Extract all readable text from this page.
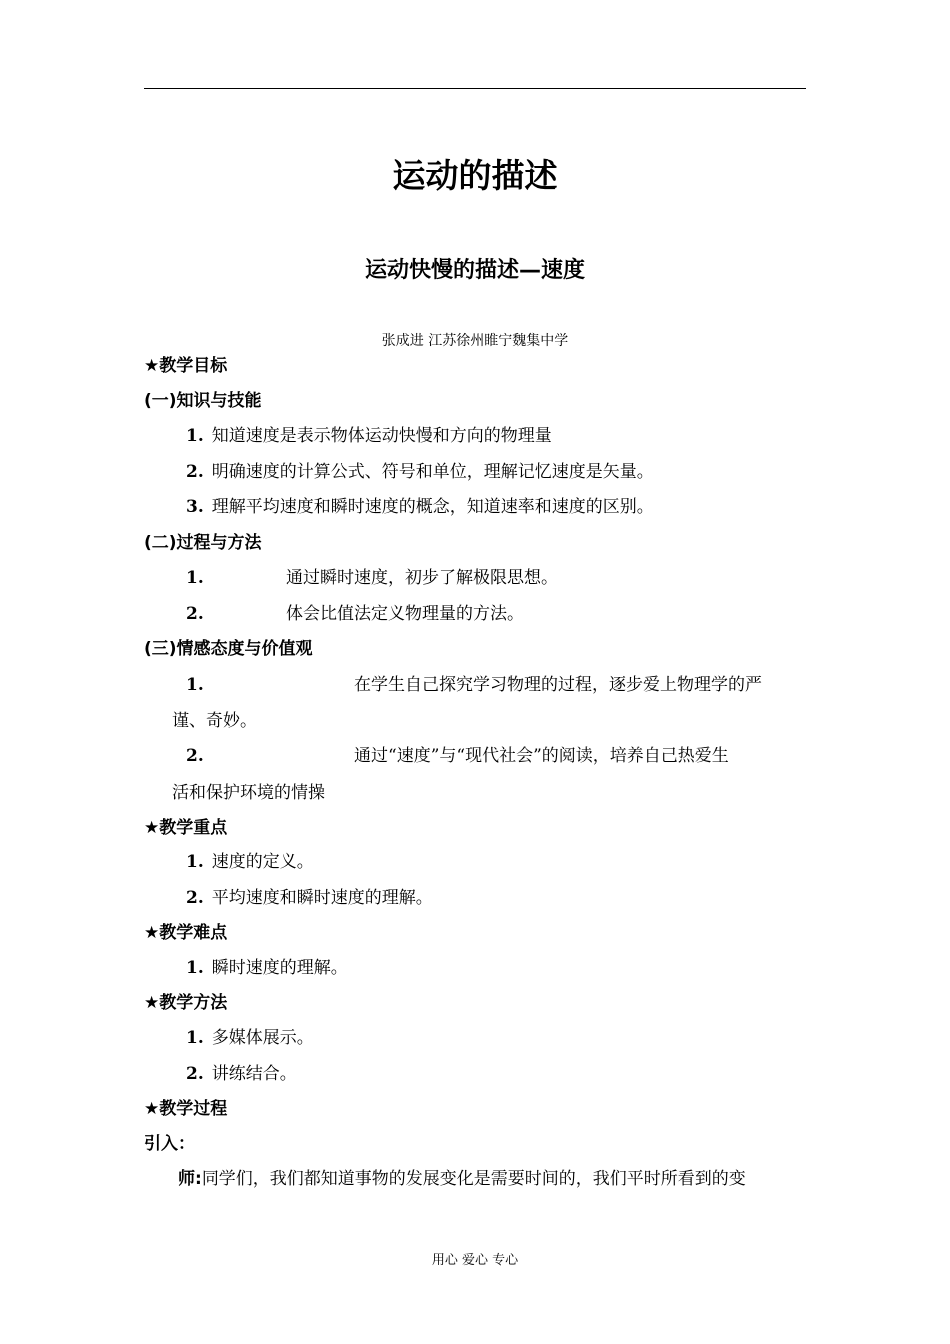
运动的描述
运动快慢的描述—速度
张成进 江苏徐州睢宁魏集中学
★教学目标
(一)知识与技能
1. 知道速度是表示物体运动快慢和方向的物理量
2. 明确速度的计算公式、符号和单位，理解记忆速度是矢量。
3. 理解平均速度和瞬时速度的概念，知道速率和速度的区别。
(二)过程与方法
1.	通过瞬时速度，初步了解极限思想。
2.	体会比值法定义物理量的方法。
(三)情感态度与价值观
1.	在学生自己探究学习物理的过程，逐步爱上物理学的严
谨、奇妙。
2.	通过“速度”与“现代社会”的阅读，培养自己热爱生
活和保护环境的情操
★教学重点
1. 速度的定义。
2. 平均速度和瞬时速度的理解。
★教学难点
1. 瞬时速度的理解。
★教学方法
1. 多媒体展示。
2. 讲练结合。
★教学过程
引入：
师:同学们，我们都知道事物的发展变化是需要时间的，我们平时所看到的变
用心 爱心 专心
